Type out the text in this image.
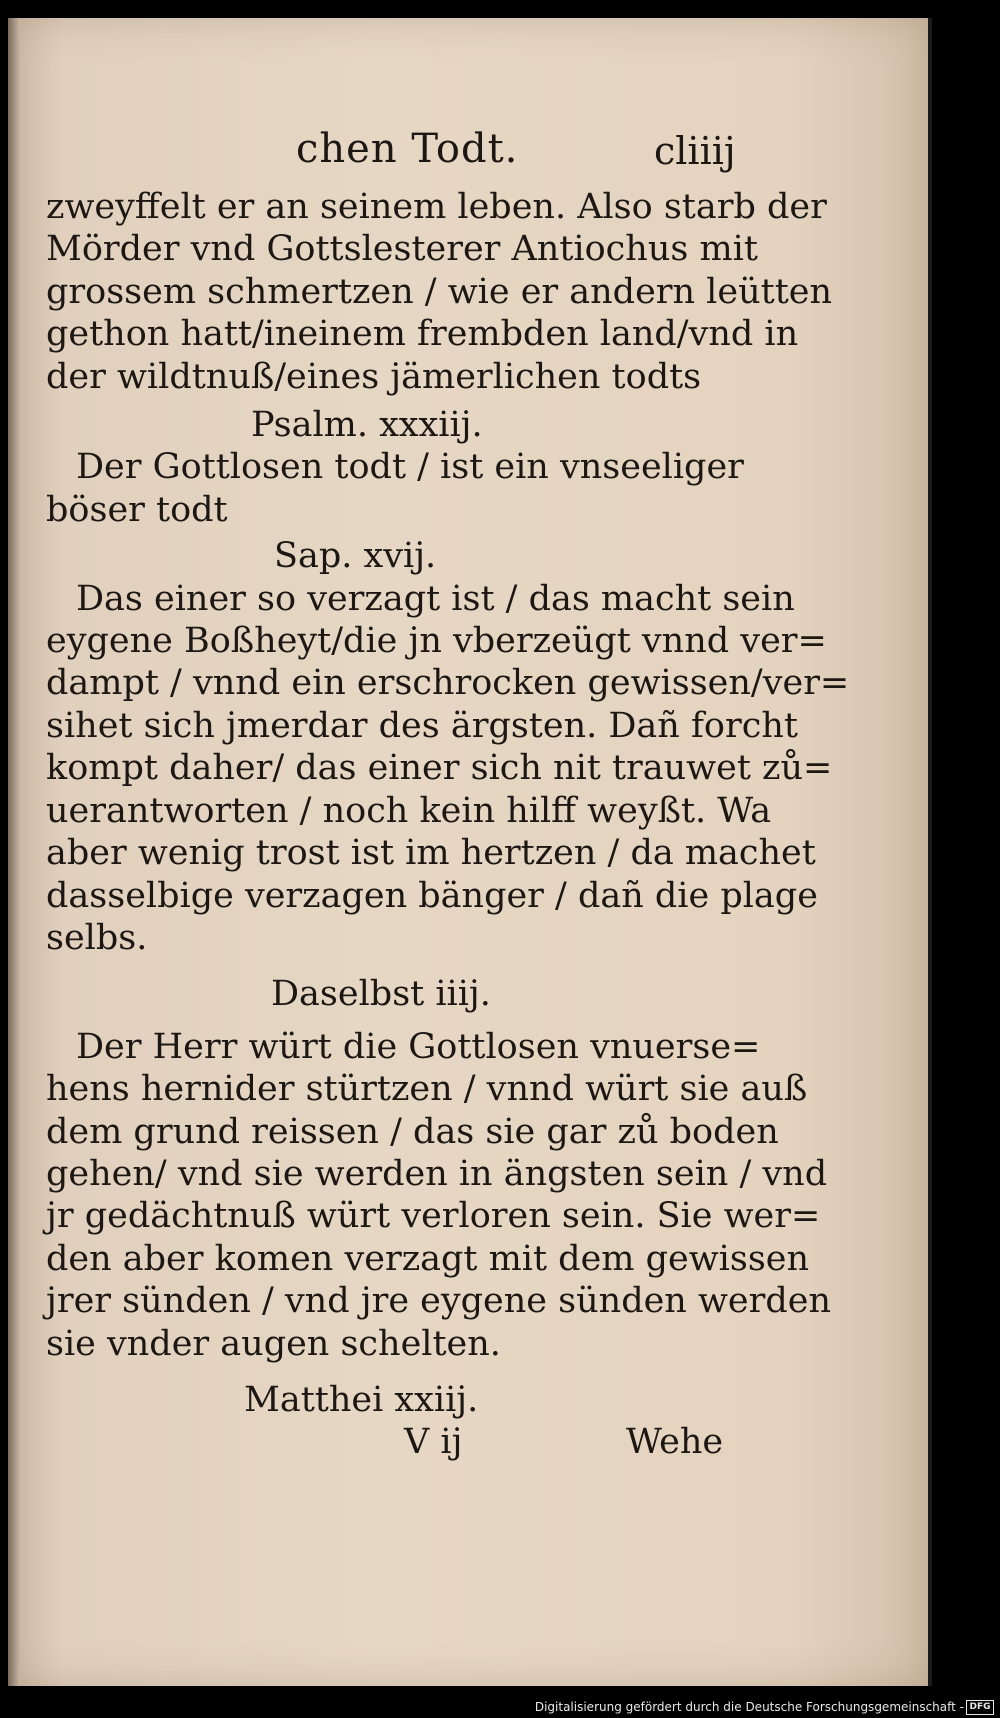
chen Todt.	cliiij
zweyffelt er an seinem leben. Also starb der
Mörder vnd Gottslesterer Antiochus mit
grossem schmertzen / wie er andern leütten
gethon hatt/ineinem frembden land/vnd in
der wildtnuß/eines jämerlichen todts
Psalm. xxxiij.
Der Gottlosen todt / ist ein vnseeliger
böser todt
Sap. xvij.
Das einer so verzagt ist / das macht sein
eygene Boßheyt/die jn vberzeügt vnnd ver=
dampt / vnnd ein erschrocken gewissen/ver=
sihet sich jmerdar des ärgsten. Dañ forcht
kompt daher/ das einer sich nit trauwet zů=
uerantworten / noch kein hilff weyßt. Wa
aber wenig trost ist im hertzen / da machet
dasselbige verzagen bänger / dañ die plage
selbs.
Daselbst iiij.
Der Herr würt die Gottlosen vnuerse=
hens hernider stürtzen / vnnd würt sie auß
dem grund reissen / das sie gar zů boden
gehen/ vnd sie werden in ängsten sein / vnd
jr gedächtnuß würt verloren sein. Sie wer=
den aber komen verzagt mit dem gewissen
jrer sünden / vnd jre eygene sünden werden
sie vnder augen schelten.
Matthei xxiij.
V ij	Wehe
Digitalisierung gefördert durch die Deutsche Forschungsgemeinschaft - DFG
